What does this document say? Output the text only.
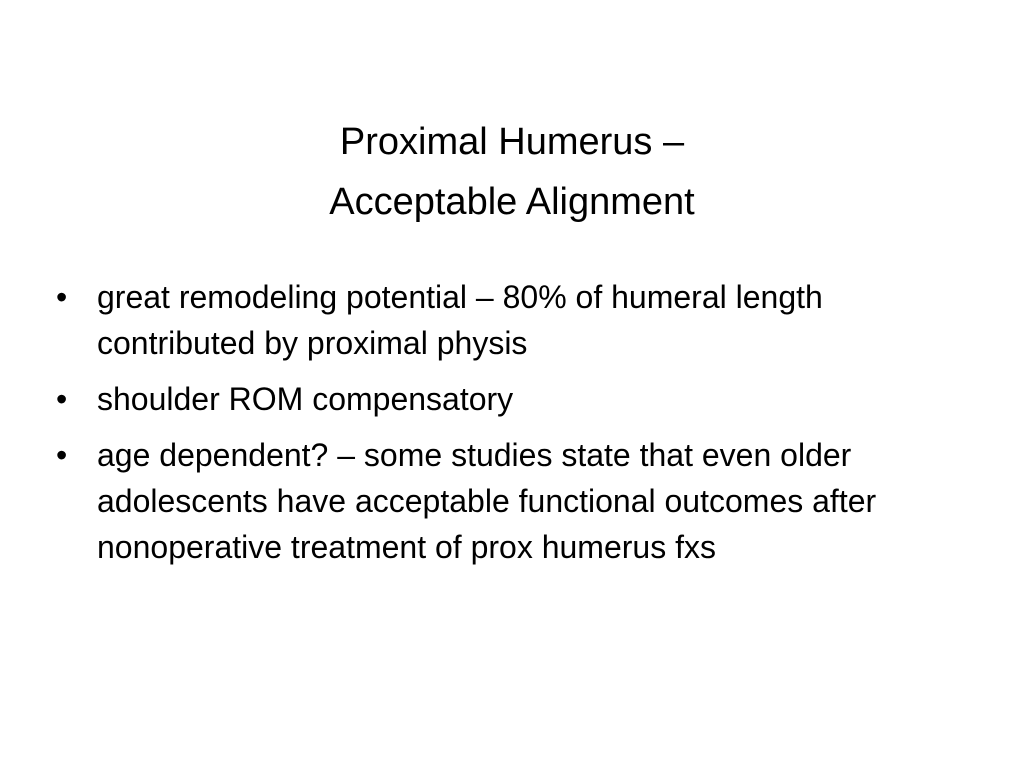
Proximal Humerus –
Acceptable Alignment
• great remodeling potential – 80% of humeral length contributed by proximal physis
• shoulder ROM compensatory
• age dependent? – some studies state that even older adolescents have acceptable functional outcomes after nonoperative treatment of prox humerus fxs
